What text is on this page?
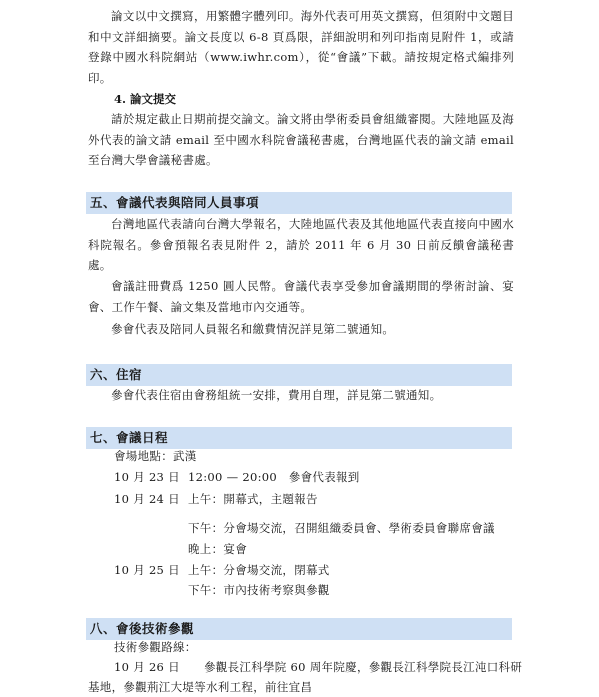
論文以中文撰寫，用繁體字體列印。海外代表可用英文撰寫，但須附中文題目和中文詳細摘要。論文長度以 6-8 頁爲限，詳細說明和列印指南見附件 1，或請登錄中國水科院網站（www.iwhr.com），從“會議”下載。請按規定格式編排列印。

4. 論文提交

請於規定截止日期前提交論文。論文將由學術委員會組織審閱。大陸地區及海外代表的論文請 email 至中國水科院會議秘書處，台灣地區代表的論文請 email 至台灣大學會議秘書處。

五、會議代表與陪同人員事項

台灣地區代表請向台灣大學報名，大陸地區代表及其他地區代表直接向中國水科院報名。參會預報名表見附件 2，請於 2011 年 6 月 30 日前反饋會議秘書處。

會議註冊費爲 1250 圓人民幣。會議代表享受參加會議期間的學術討論、宴會、工作午餐、論文集及當地市內交通等。

參會代表及陪同人員報名和繳費情況詳見第二號通知。

六、住宿

參會代表住宿由會務組統一安排，費用自理，詳見第二號通知。

七、會議日程

會場地點：武漢

10 月 23 日 12:00 — 20:00　參會代表報到

10 月 24 日 上午：開幕式，主題報告

下午：分會場交流，召開組織委員會、學術委員會聯席會議

晚上：宴會

10 月 25 日 上午：分會場交流，閉幕式

下午：市內技術考察與參觀

八、會後技術參觀

技術參觀路線：

10 月 26 日 參觀長江科學院 60 周年院慶，參觀長江科學院長江沌口科研

基地，參觀荊江大堤等水利工程，前往宜昌
